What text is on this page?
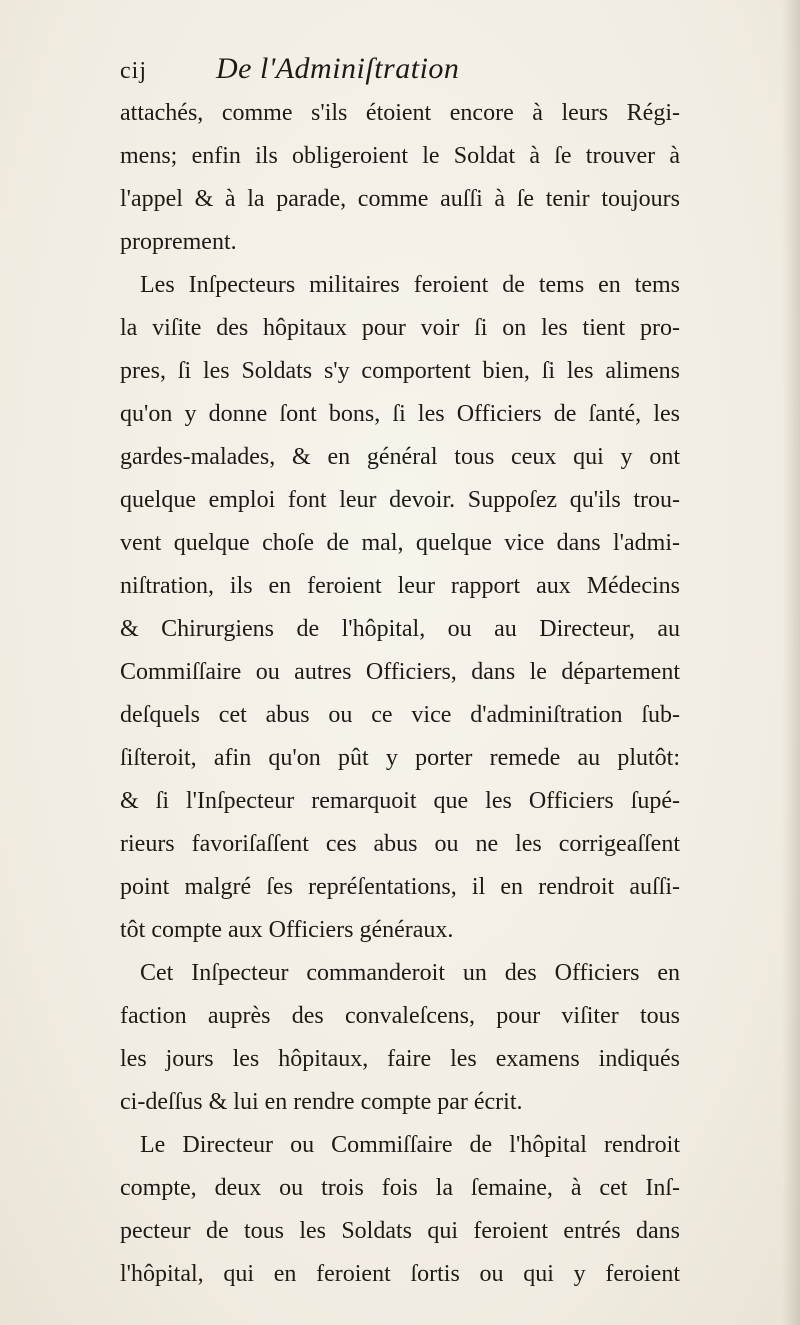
cij De l'Adminiſtration
attachés, comme s'ils étoient encore à leurs Régi-
mens; enfin ils obligeroient le Soldat à ſe trouver à
l'appel & à la parade, comme auſſi à ſe tenir toujours
proprement.
Les Inſpecteurs militaires feroient de tems en tems
la viſite des hôpitaux pour voir ſi on les tient pro-
pres, ſi les Soldats s'y comportent bien, ſi les alimens
qu'on y donne ſont bons, ſi les Officiers de ſanté, les
gardes-malades, & en général tous ceux qui y ont
quelque emploi font leur devoir. Suppoſez qu'ils trou-
vent quelque choſe de mal, quelque vice dans l'admi-
niſtration, ils en feroient leur rapport aux Médecins
& Chirurgiens de l'hôpital, ou au Directeur, au
Commiſſaire ou autres Officiers, dans le département
deſquels cet abus ou ce vice d'adminiſtration ſub-
ſiſteroit, afin qu'on pût y porter remede au plutôt:
& ſi l'Inſpecteur remarquoit que les Officiers ſupé-
rieurs favoriſaſſent ces abus ou ne les corrigeaſſent
point malgré ſes repréſentations, il en rendroit auſſi-
tôt compte aux Officiers généraux.
Cet Inſpecteur commanderoit un des Officiers en
faction auprès des convaleſcens, pour viſiter tous
les jours les hôpitaux, faire les examens indiqués
ci-deſſus & lui en rendre compte par écrit.
Le Directeur ou Commiſſaire de l'hôpital rendroit
compte, deux ou trois fois la ſemaine, à cet Inſ-
pecteur de tous les Soldats qui feroient entrés dans
l'hôpital, qui en feroient ſortis ou qui y feroient
